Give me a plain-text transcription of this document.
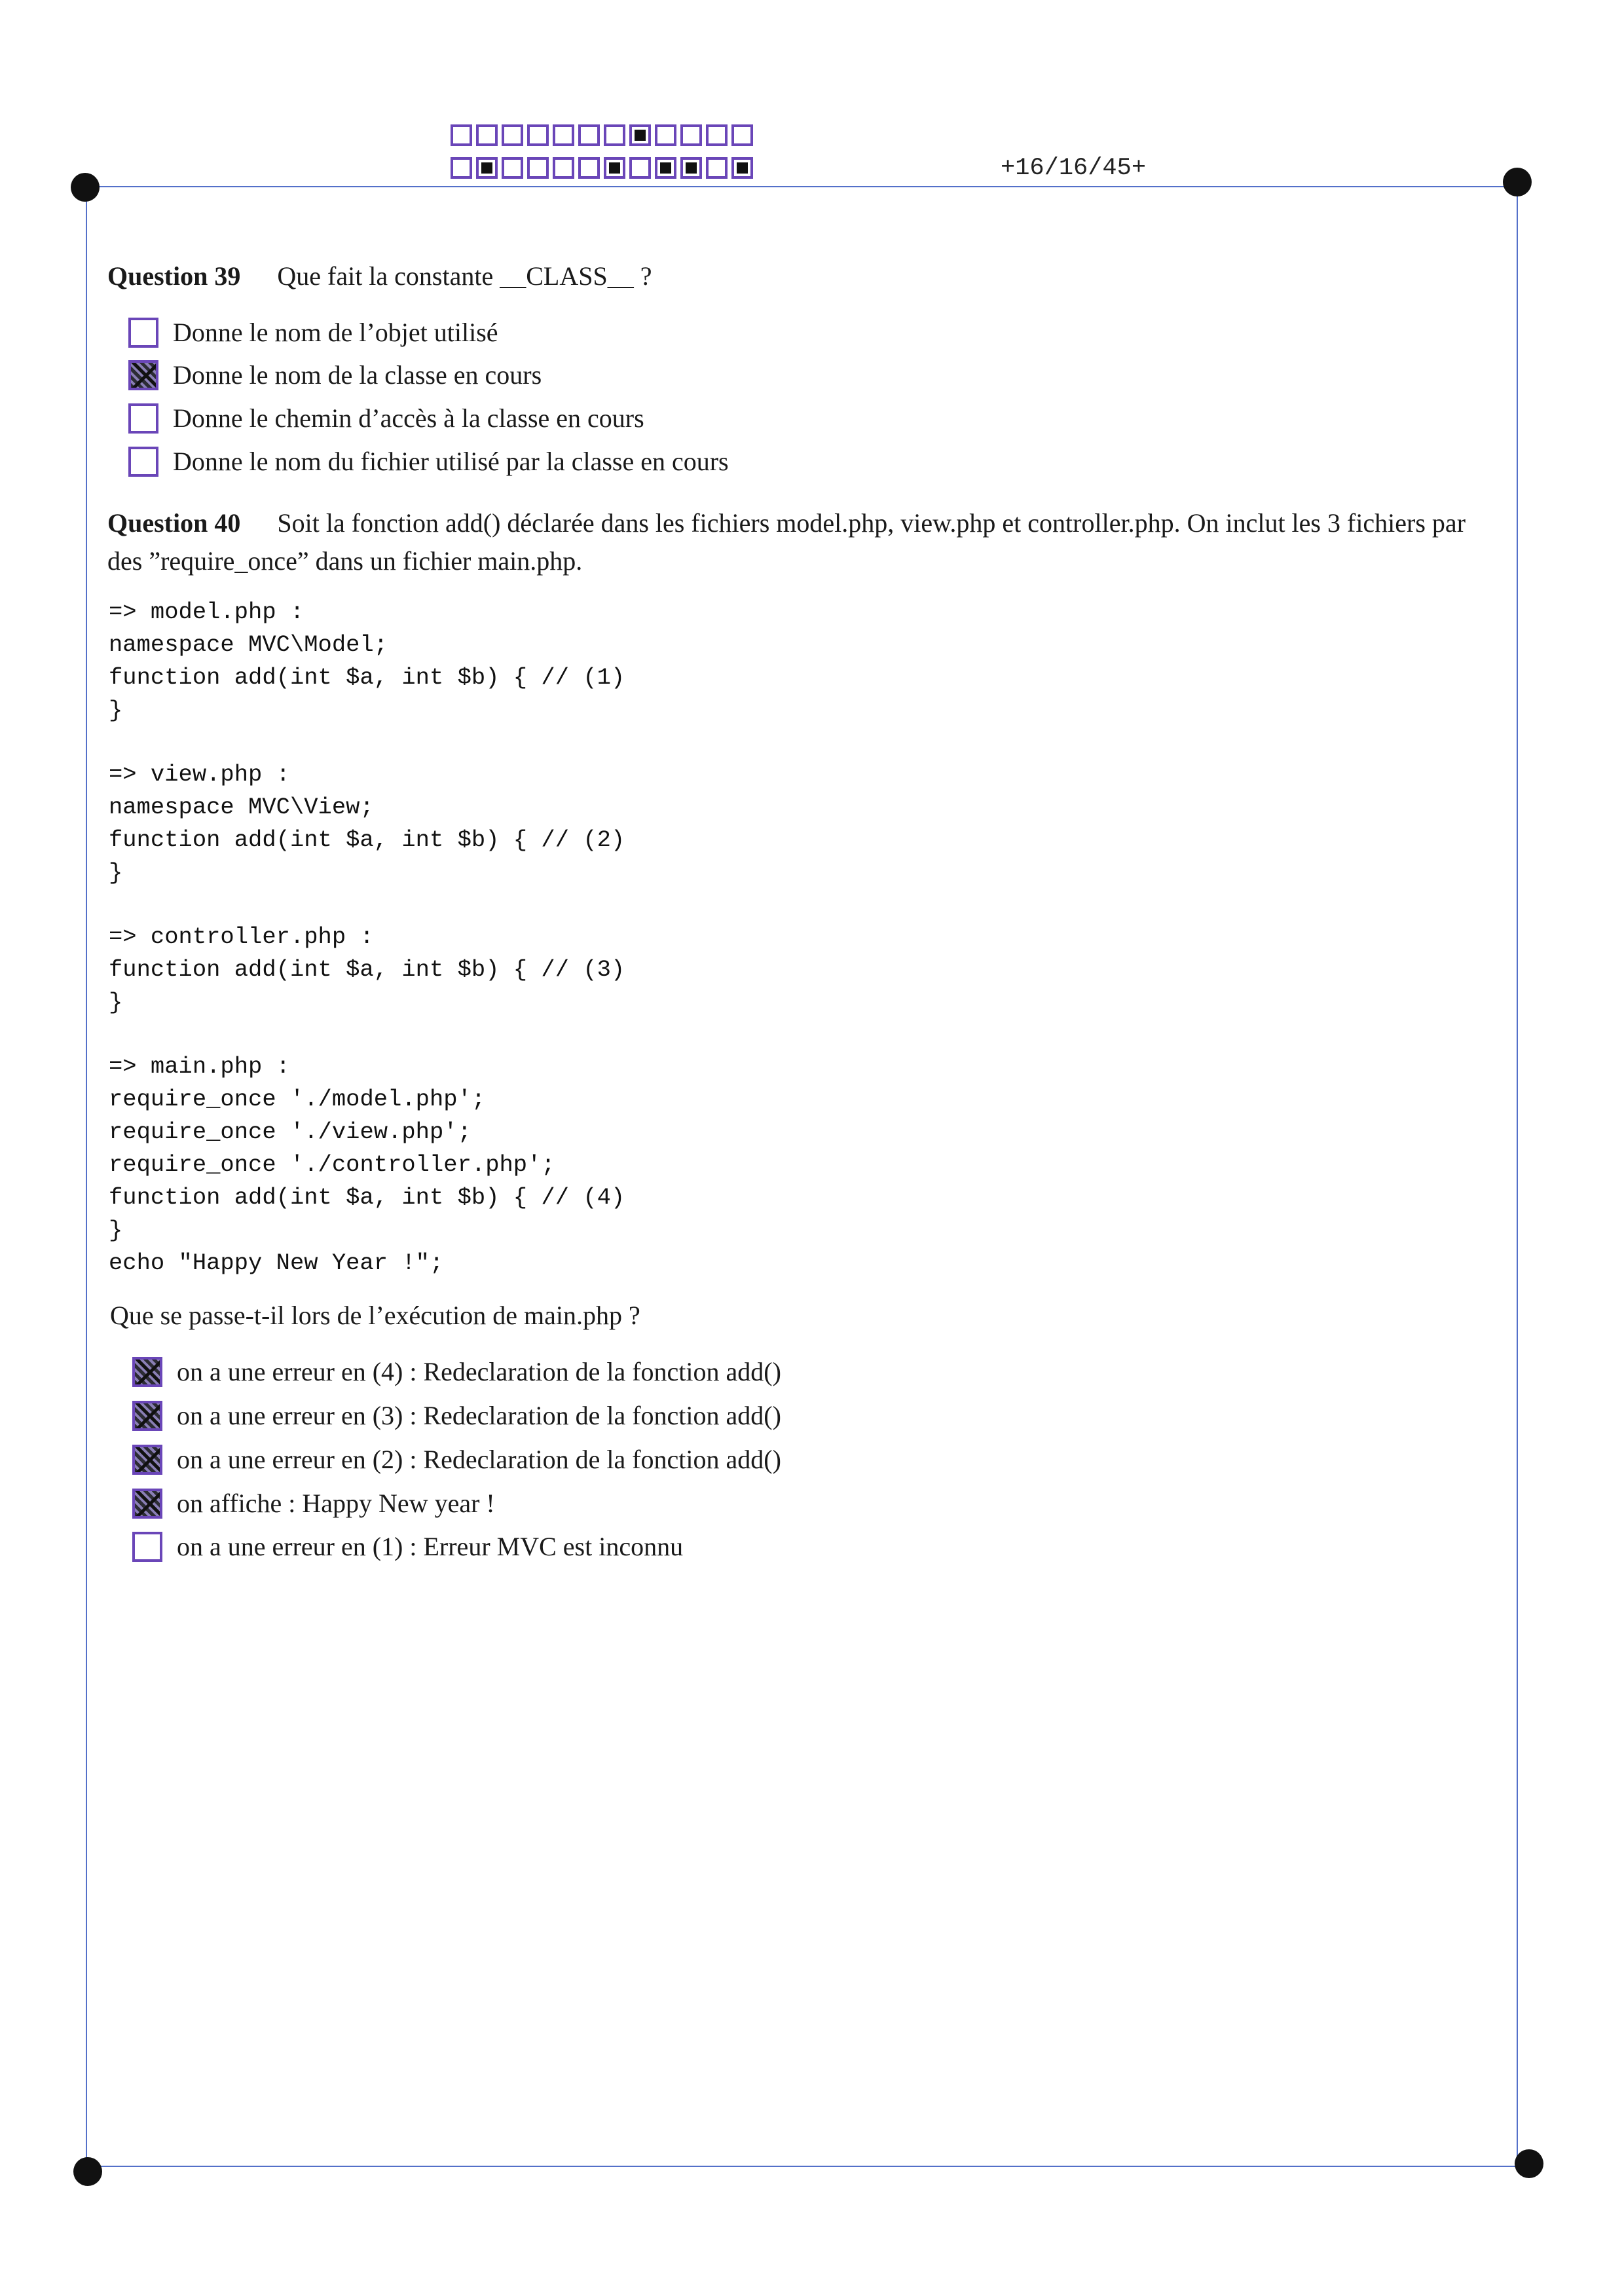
+16/16/45+
Question 39 Que fait la constante __CLASS__ ?
Donne le nom de l’objet utilisé
Donne le nom de la classe en cours
Donne le chemin d’accès à la classe en cours
Donne le nom du fichier utilisé par la classe en cours
Question 40 Soit la fonction add() déclarée dans les fichiers model.php, view.php et controller.php. On inclut les 3 fichiers par des ”require_once” dans un fichier main.php.
=> model.php :
namespace MVC\Model;
function add(int $a, int $b) { // (1)
}
=> view.php :
namespace MVC\View;
function add(int $a, int $b) { // (2)
}
=> controller.php :
function add(int $a, int $b) { // (3)
}
=> main.php :
require_once './model.php';
require_once './view.php';
require_once './controller.php';
function add(int $a, int $b) { // (4)
}
echo "Happy New Year !";
Que se passe-t-il lors de l’exécution de main.php ?
on a une erreur en (4) : Redeclaration de la fonction add()
on a une erreur en (3) : Redeclaration de la fonction add()
on a une erreur en (2) : Redeclaration de la fonction add()
on affiche : Happy New year !
on a une erreur en (1) : Erreur MVC est inconnu
